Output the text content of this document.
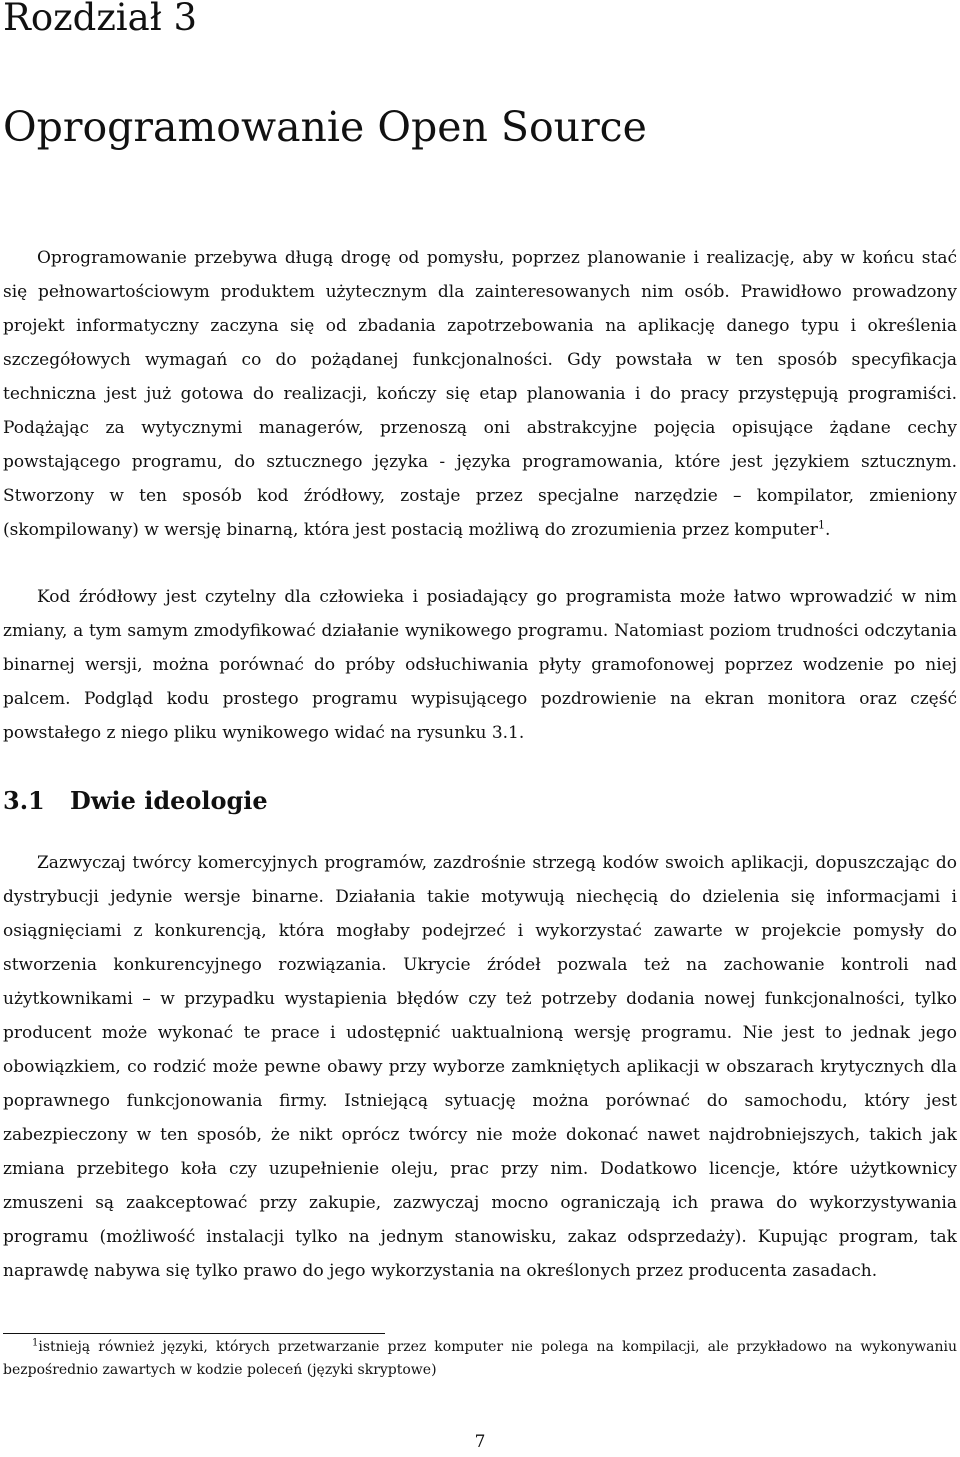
Rozdział 3
Oprogramowanie Open Source

Oprogramowanie przebywa długą drogę od pomysłu, poprzez planowanie i realizację, aby w końcu stać się pełnowartościowym produktem użytecznym dla zainteresowanych nim osób. Prawidłowo prowadzony projekt informatyczny zaczyna się od zbadania zapotrzebowania na aplikację danego typu i określenia szczegółowych wymagań co do pożądanej funkcjonalności. Gdy powstała w ten sposób specyfikacja techniczna jest już gotowa do realizacji, kończy się etap planowania i do pracy przystępują programiści. Podążając za wytycznymi managerów, przenoszą oni abstrakcyjne pojęcia opisujące żądane cechy powstającego programu, do sztucznego języka - języka programowania, które jest językiem sztucznym. Stworzony w ten sposób kod źródłowy, zostaje przez specjalne narzędzie – kompilator, zmieniony (skompilowany) w wersję binarną, która jest postacią możliwą do zrozumienia przez komputer$^1$.

Kod źródłowy jest czytelny dla człowieka i posiadający go programista może łatwo wprowadzić w nim zmiany, a tym samym zmodyfikować działanie wynikowego programu. Natomiast poziom trudności odczytania binarnej wersji, można porównać do próby odsłuchiwania płyty gramofonowej poprzez wodzenie po niej palcem. Podgląd kodu prostego programu wypisującego pozdrowienie na ekran monitora oraz część powstałego z niego pliku wynikowego widać na rysunku 3.1.

3.1 Dwie ideologie

Zazwyczaj twórcy komercyjnych programów, zazdrośnie strzegą kodów swoich aplikacji, dopuszczając do dystrybucji jedynie wersje binarne. Działania takie motywują niechęcią do dzielenia się informacjami i osiągnięciami z konkurencją, która mogłaby podejrzeć i wykorzystać zawarte w projekcie pomysły do stworzenia konkurencyjnego rozwiązania. Ukrycie źródeł pozwala też na zachowanie kontroli nad użytkownikami – w przypadku wystapienia błędów czy też potrzeby dodania nowej funkcjonalności, tylko producent może wykonać te prace i udostępnić uaktualnioną wersję programu. Nie jest to jednak jego obowiązkiem, co rodzić może pewne obawy przy wyborze zamkniętych aplikacji w obszarach krytycznych dla poprawnego funkcjonowania firmy. Istniejącą sytuację można porównać do samochodu, który jest zabezpieczony w ten sposób, że nikt oprócz twórcy nie może dokonać nawet najdrobniejszych, takich jak zmiana przebitego koła czy uzupełnienie oleju, prac przy nim. Dodatkowo licencje, które użytkownicy zmuszeni są zaakceptować przy zakupie, zazwyczaj mocno ograniczają ich prawa do wykorzystywania programu (możliwość instalacji tylko na jednym stanowisku, zakaz odsprzedaży). Kupując program, tak naprawdę nabywa się tylko prawo do jego wykorzystania na określonych przez producenta zasadach.

$^1$istnieją również języki, których przetwarzanie przez komputer nie polega na kompilacji, ale przykładowo na wykonywaniu bezpośrednio zawartych w kodzie poleceń (języki skryptowe)

7
